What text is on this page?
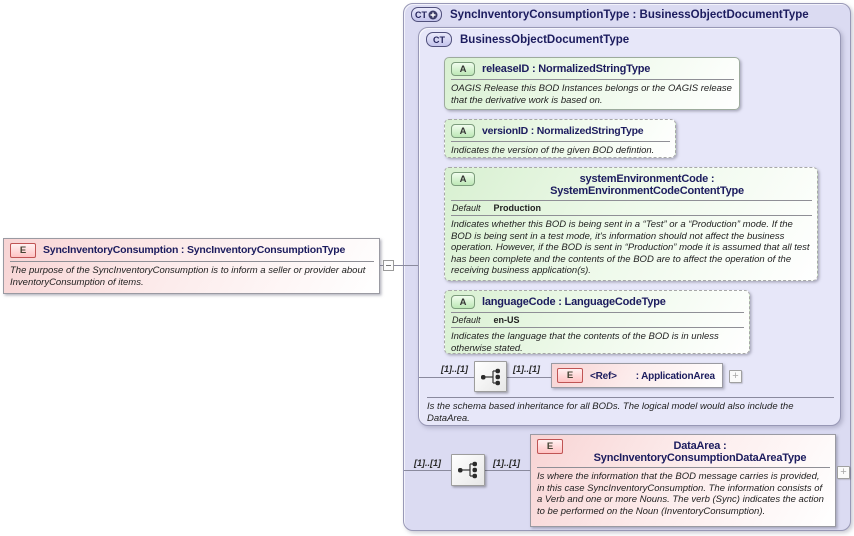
CT SyncInventoryConsumptionType : BusinessObjectDocumentType
CT BusinessObjectDocumentType
A	releaseID : NormalizedStringType
OAGIS Release this BOD Instances belongs or the OAGIS release that the derivative work is based on.
A	versionID : NormalizedStringType
Indicates the version of the given BOD defintion.
A	systemEnvironmentCode : SystemEnvironmentCodeContentType
Default Production
Indicates whether this BOD is being sent in a “Test” or a “Production” mode. If the BOD is being sent in a test mode, it's information should not affect the business operation. However, if the BOD is sent in “Production” mode it is assumed that all test has been complete and the contents of the BOD are to affect the operation of the receiving business application(s).
A	languageCode : LanguageCodeType
Default en-US
Indicates the language that the contents of the BOD is in unless otherwise stated.
Is the schema based inheritance for all BODs. The logical model would also include the DataArea.
[1]..[1]	[1]..[1]
[1]..[1]	[1]..[1]
E	SyncInventoryConsumption : SyncInventoryConsumptionType
The purpose of the SyncInventoryConsumption is to inform a seller or provider about InventoryConsumption of items.
E	<Ref> : ApplicationArea +
E	DataArea : SyncInventoryConsumptionDataAreaType
Is where the information that the BOD message carries is provided, in this case SyncInventoryConsumption. The information consists of a Verb and one or more Nouns. The verb (Sync) indicates the action to be performed on the Noun (InventoryConsumption).
+
